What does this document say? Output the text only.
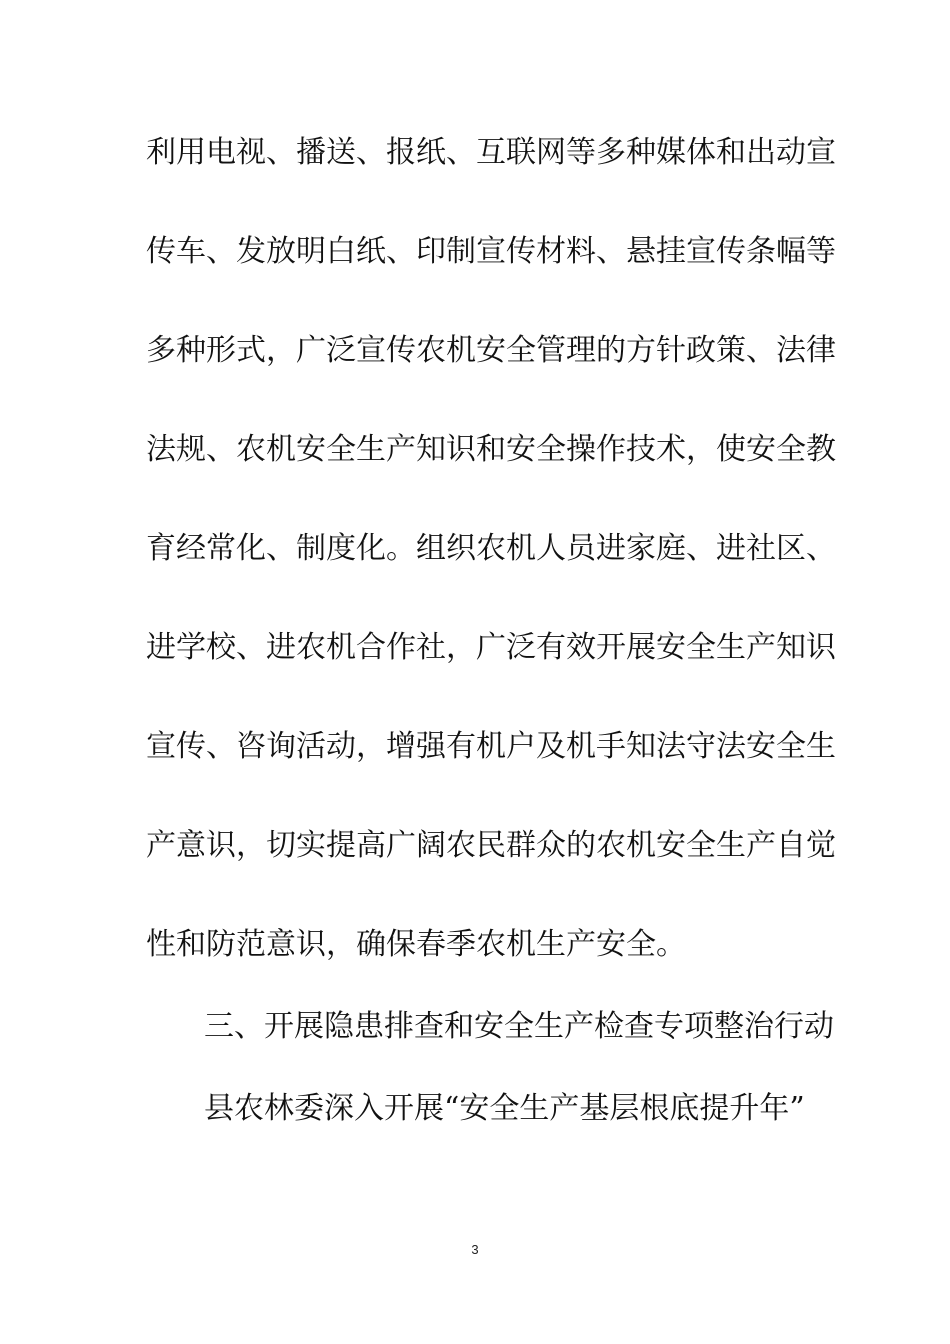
利用电视、播送、报纸、互联网等多种媒体和出动宣
传车、发放明白纸、印制宣传材料、悬挂宣传条幅等
多种形式，广泛宣传农机安全管理的方针政策、法律
法规、农机安全生产知识和安全操作技术，使安全教
育经常化、制度化。组织农机人员进家庭、进社区、
进学校、进农机合作社，广泛有效开展安全生产知识
宣传、咨询活动，增强有机户及机手知法守法安全生
产意识，切实提高广阔农民群众的农机安全生产自觉
性和防范意识，确保春季农机生产安全。
三、开展隐患排查和安全生产检查专项整治行动
县农林委深入开展“安全生产基层根底提升年”
3
